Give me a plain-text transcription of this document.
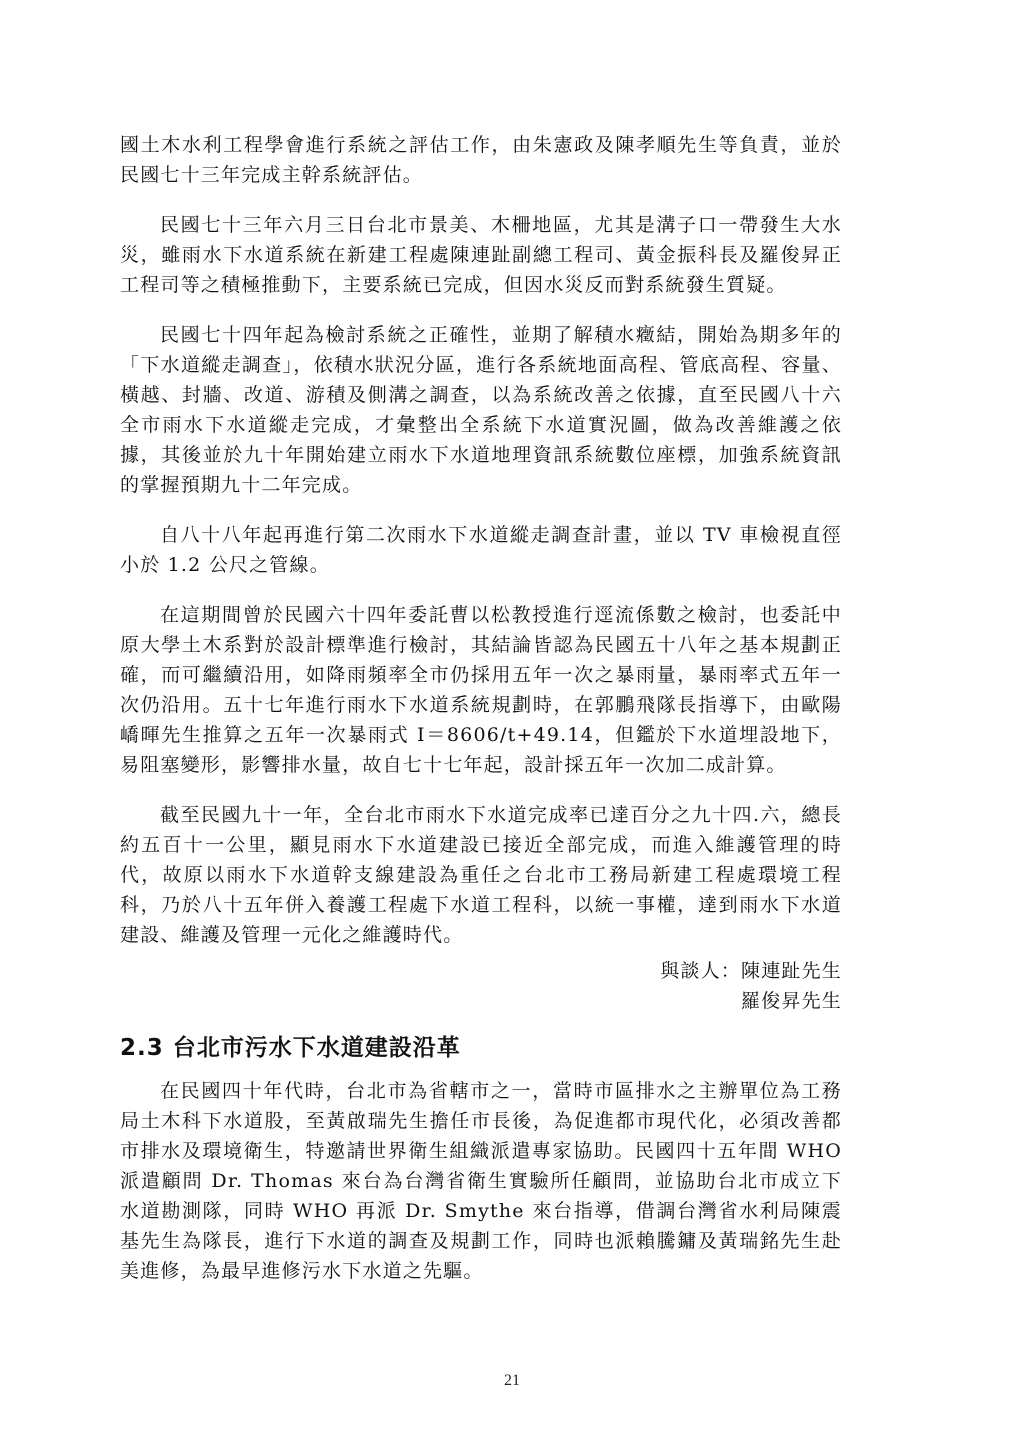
國土木水利工程學會進行系統之評估工作，由朱憲政及陳孝順先生等負責，並於民國七十三年完成主幹系統評估。

民國七十三年六月三日台北市景美、木柵地區，尤其是溝子口一帶發生大水災，雖雨水下水道系統在新建工程處陳連趾副總工程司、黃金振科長及羅俊昇正工程司等之積極推動下，主要系統已完成，但因水災反而對系統發生質疑。

民國七十四年起為檢討系統之正確性，並期了解積水癥結，開始為期多年的「下水道縱走調查」，依積水狀況分區，進行各系統地面高程、管底高程、容量、橫越、封牆、改道、游積及側溝之調查，以為系統改善之依據，直至民國八十六全市雨水下水道縱走完成，才彙整出全系統下水道實況圖，做為改善維護之依據，其後並於九十年開始建立雨水下水道地理資訊系統數位座標，加強系統資訊的掌握預期九十二年完成。

自八十八年起再進行第二次雨水下水道縱走調查計畫，並以 TV 車檢視直徑小於 1.2 公尺之管線。

在這期間曾於民國六十四年委託曹以松教授進行逕流係數之檢討，也委託中原大學土木系對於設計標準進行檢討，其結論皆認為民國五十八年之基本規劃正確，而可繼續沿用，如降雨頻率全市仍採用五年一次之暴雨量，暴雨率式五年一次仍沿用。五十七年進行雨水下水道系統規劃時，在郭鵬飛隊長指導下，由歐陽嶠暉先生推算之五年一次暴雨式 I＝8606/t+49.14，但鑑於下水道埋設地下，易阻塞變形，影響排水量，故自七十七年起，設計採五年一次加二成計算。

截至民國九十一年，全台北市雨水下水道完成率已達百分之九十四.六，總長約五百十一公里，顯見雨水下水道建設已接近全部完成，而進入維護管理的時代，故原以雨水下水道幹支線建設為重任之台北市工務局新建工程處環境工程科，乃於八十五年併入養護工程處下水道工程科，以統一事權，達到雨水下水道建設、維護及管理一元化之維護時代。

與談人：陳連趾先生
羅俊昇先生
2.3 台北市污水下水道建設沿革

在民國四十年代時，台北市為省轄市之一，當時市區排水之主辦單位為工務局土木科下水道股，至黃啟瑞先生擔任市長後，為促進都市現代化，必須改善都市排水及環境衛生，特邀請世界衛生組織派遣專家協助。民國四十五年間 WHO 派遣顧問 Dr. Thomas 來台為台灣省衛生實驗所任顧問，並協助台北市成立下水道勘測隊，同時 WHO 再派 Dr. Smythe 來台指導，借調台灣省水利局陳震基先生為隊長，進行下水道的調查及規劃工作，同時也派賴騰鏞及黃瑞銘先生赴美進修，為最早進修污水下水道之先驅。

21
